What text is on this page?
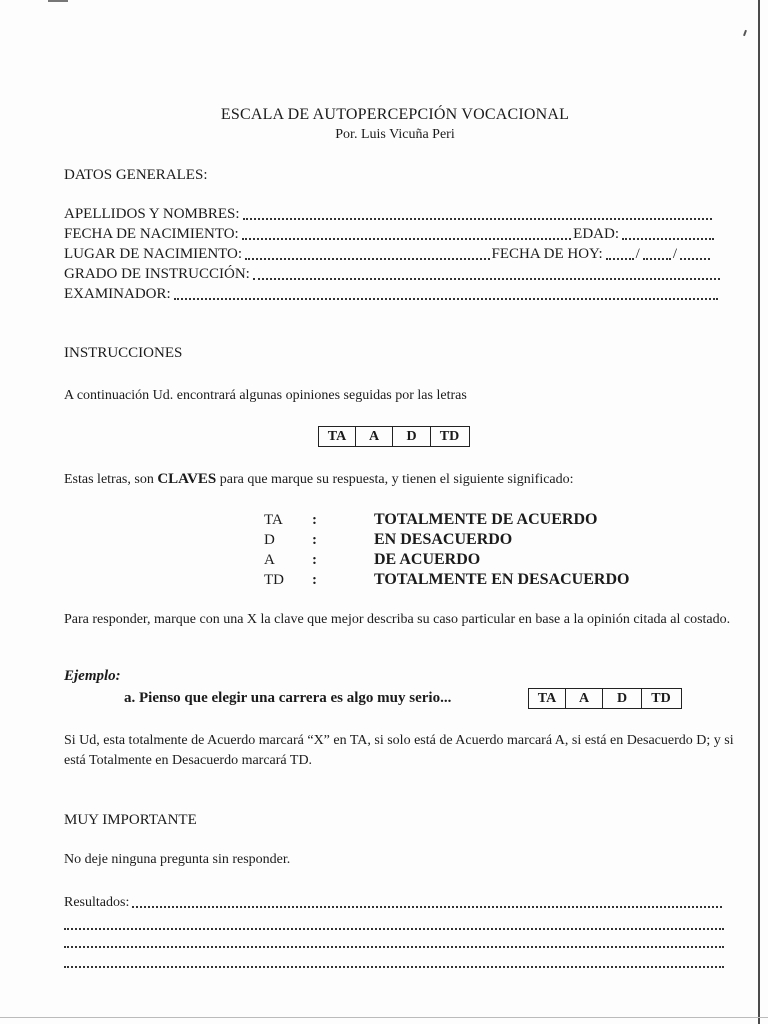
ESCALA DE AUTOPERCEPCIÓN VOCACIONAL
Por. Luis Vicuña Peri
DATOS GENERALES:
APELLIDOS Y NOMBRES:
FECHA DE NACIMIENTO:	EDAD:
LUGAR DE NACIMIENTO:	FECHA DE HOY: / /
GRADO DE INSTRUCCIÓN:
EXAMINADOR:
INSTRUCCIONES
A continuación Ud. encontrará algunas opiniones seguidas por las letras
TA	A	D	TD
Estas letras, son CLAVES para que marque su respuesta, y tienen el siguiente significado:
TA	:	TOTALMENTE DE ACUERDO
D	:	EN DESACUERDO
A	:	DE ACUERDO
TD	:	TOTALMENTE EN DESACUERDO
Para responder, marque con una X la clave que mejor describa su caso particular en base a la opinión citada al costado.
Ejemplo:
a. Pienso que elegir una carrera es algo muy serio...	TA	A	D	TD
Si Ud, esta totalmente de Acuerdo marcará “X” en TA, si solo está de Acuerdo marcará A, si está en Desacuerdo D; y si está Totalmente en Desacuerdo marcará TD.
MUY IMPORTANTE
No deje ninguna pregunta sin responder.
Resultados:
